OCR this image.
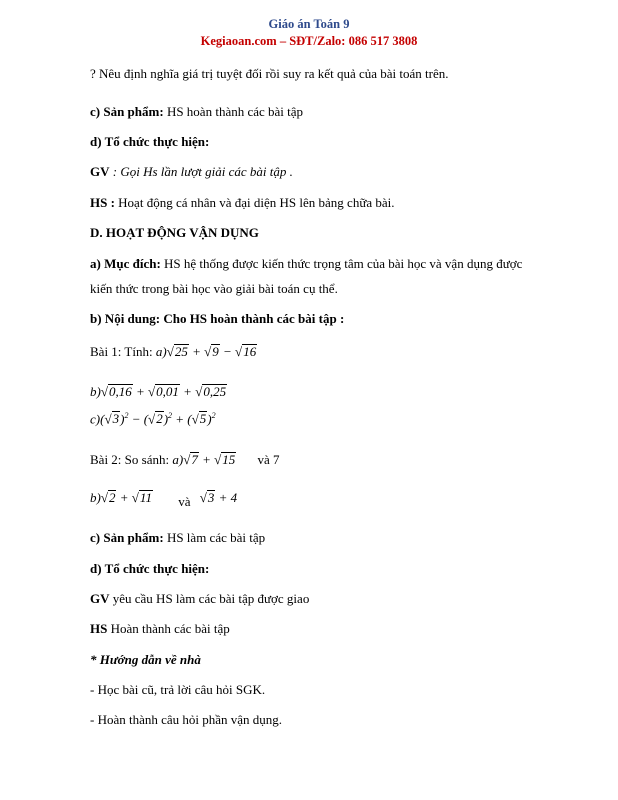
Giáo án Toán 9
Kegiaoan.com – SĐT/Zalo: 086 517 3808
? Nêu định nghĩa giá trị tuyệt đối rồi suy ra kết quả của bài toán trên.
c) Sản phẩm: HS hoàn thành các bài tập
d) Tổ chức thực hiện:
GV : Gọi Hs lần lượt giải các bài tập .
HS : Hoạt động cá nhân và đại diện HS lên bảng chữa bài.
D. HOẠT ĐỘNG VẬN DỤNG
a) Mục đích: HS hệ thống được kiến thức trọng tâm của bài học và vận dụng được
kiến thức trong bài học vào giải bài toán cụ thể.
b) Nội dung: Cho HS hoàn thành các bài tập :
Bài 1: Tính: a)√25 + √9 − √16
b)√0,16 + √0,01 + √0,25
$c)(√3)^2 - (√2)^2 + (√5)^2$
Bài 2: So sánh: a)√7 + √15 và 7
b)√2 + √11 và √3 + 4
c) Sản phẩm: HS làm các bài tập
d) Tổ chức thực hiện:
GV yêu cầu HS làm các bài tập được giao
HS Hoàn thành các bài tập
* Hướng dẫn về nhà
- Học bài cũ, trả lời câu hỏi SGK.
- Hoàn thành câu hỏi phần vận dụng.
